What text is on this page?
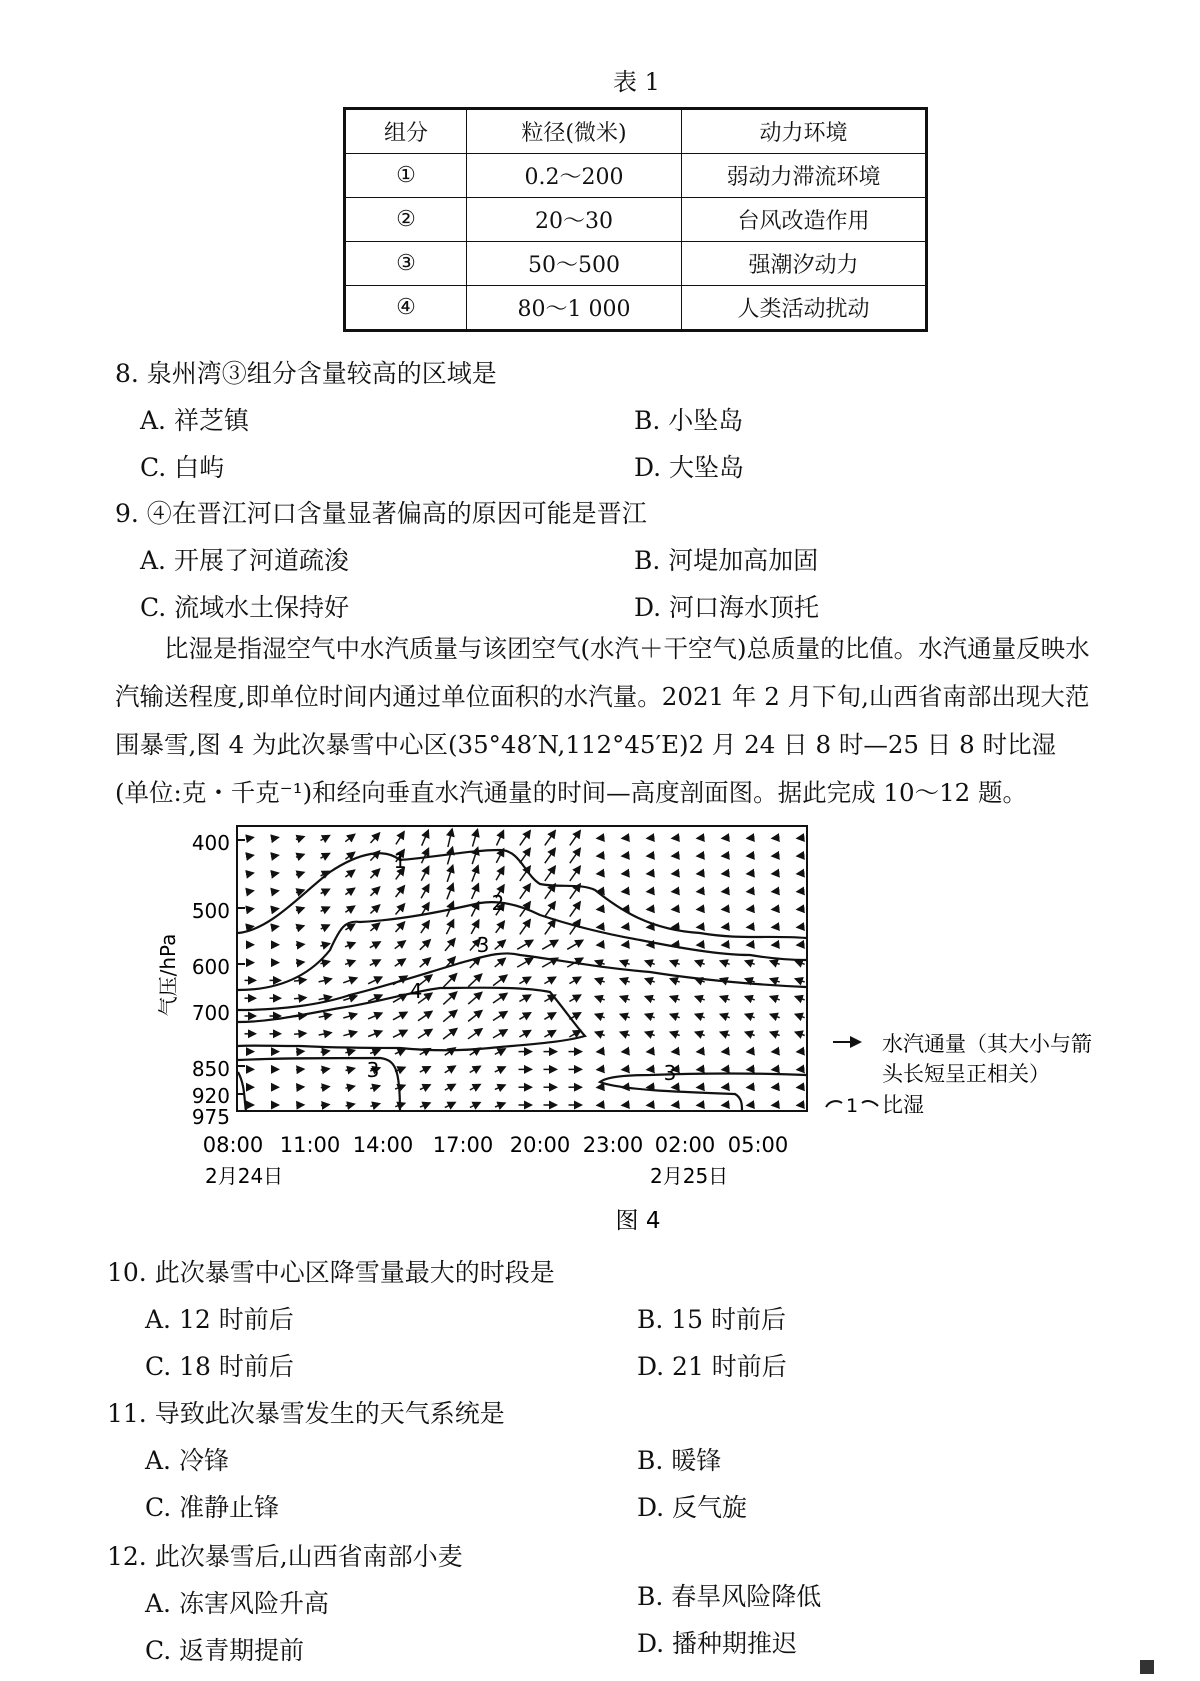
表 1
组分	粒径(微米)	动力环境
①	0.2～200	弱动力滞流环境
②	20～30	台风改造作用
③	50～500	强潮汐动力
④	80～1 000	人类活动扰动
8. 泉州湾③组分含量较高的区域是
A. 祥芝镇	B. 小坠岛
C. 白屿	D. 大坠岛
9. ④在晋江河口含量显著偏高的原因可能是晋江
A. 开展了河道疏浚	B. 河堤加高加固
C. 流域水土保持好	D. 河口海水顶托
　　比湿是指湿空气中水汽质量与该团空气(水汽＋干空气)总质量的比值。水汽通量反映水
汽输送程度,即单位时间内通过单位面积的水汽量。2021 年 2 月下旬,山西省南部出现大范
围暴雪,图 4 为此次暴雪中心区(35°48′N,112°45′E)2 月 24 日 8 时—25 日 8 时比湿
(单位:克・千克⁻¹)和经向垂直水汽通量的时间—高度剖面图。据此完成 10～12 题。
400
500
600
700
850
920
975
气压/hPa
08:00 11:00 14:00 17:00 20:00 23:00 02:00 05:00
2月24日	2月25日
1
2
3
4
3	3
水汽通量（其大小与箭
头长短呈正相关）
1 比湿
图 4
10. 此次暴雪中心区降雪量最大的时段是
A. 12 时前后	B. 15 时前后
C. 18 时前后	D. 21 时前后
11. 导致此次暴雪发生的天气系统是
A. 冷锋	B. 暖锋
C. 准静止锋	D. 反气旋
12. 此次暴雪后,山西省南部小麦
A. 冻害风险升高	B. 春旱风险降低
C. 返青期提前	D. 播种期推迟
